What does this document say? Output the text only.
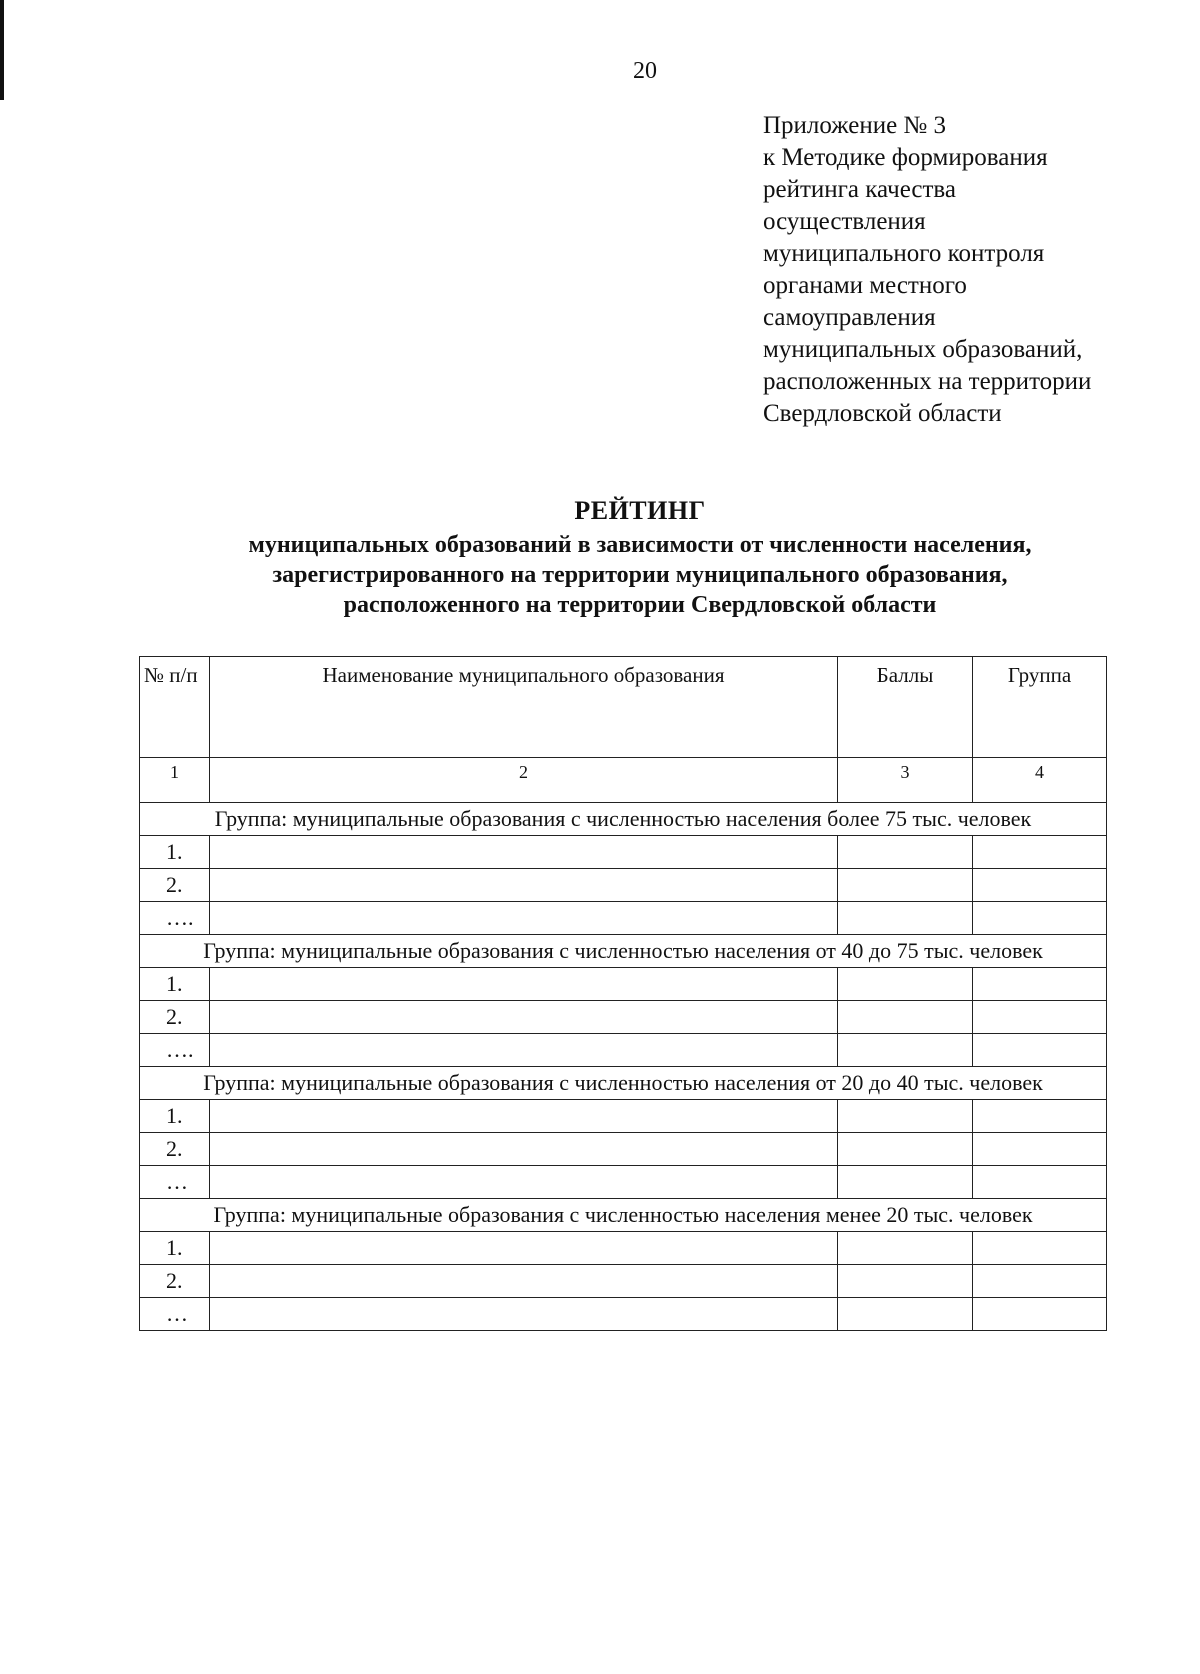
20
Приложение № 3
к Методике формирования
рейтинга качества
осуществления
муниципального контроля
органами местного
самоуправления
муниципальных образований,
расположенных на территории
Свердловской области
РЕЙТИНГ
муниципальных образований в зависимости от численности населения,
зарегистрированного на территории муниципального образования,
расположенного на территории Свердловской области
№ п/п	Наименование муниципального образования	Баллы	Группа
1	2	3	4
Группа: муниципальные образования с численностью населения более 75 тыс. человек			
1.			
2.			
….			
Группа: муниципальные образования с численностью населения от 40 до 75 тыс. человек			
1.			
2.			
….			
Группа: муниципальные образования с численностью населения от 20 до 40 тыс. человек			
1.			
2.			
…			
Группа: муниципальные образования с численностью населения менее 20 тыс. человек			
1.			
2.			
…			
